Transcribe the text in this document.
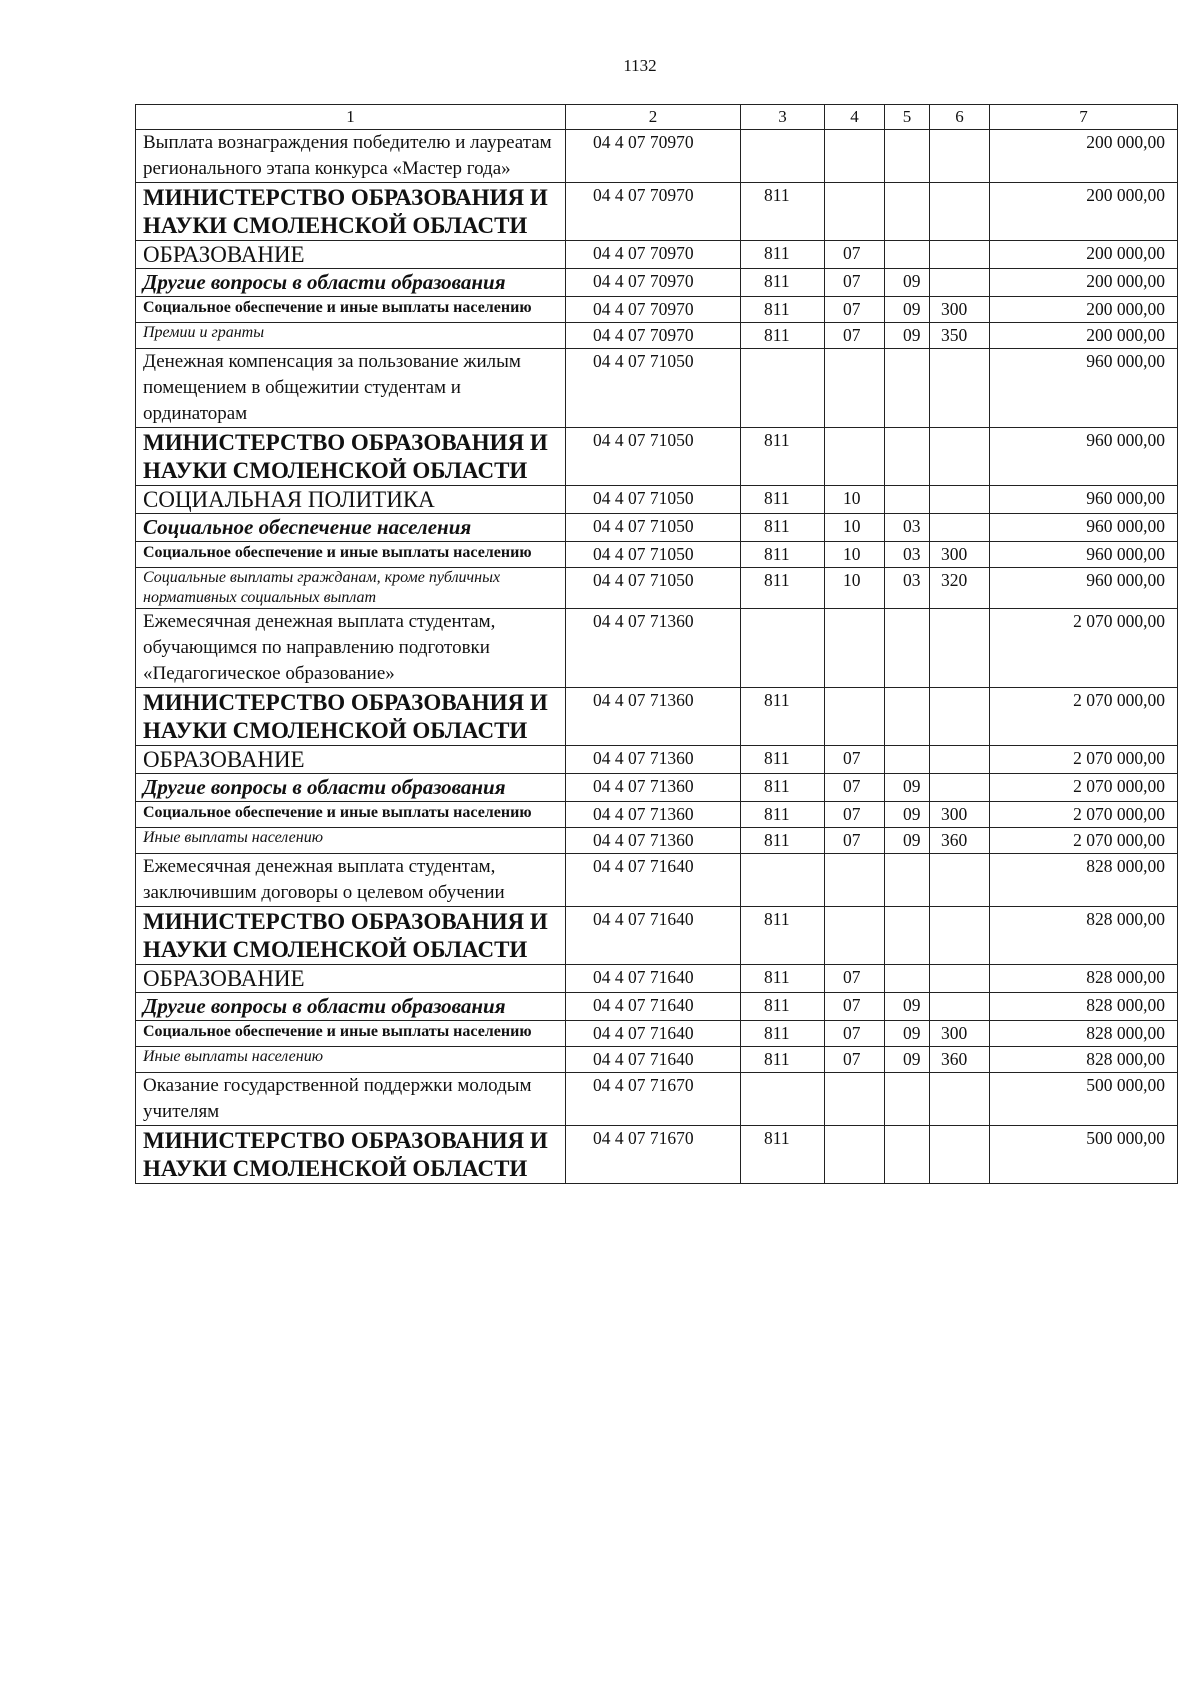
1132
1	2	3	4	5	6	7
Выплата вознаграждения победителю и лауреатам регионального этапа конкурса «Мастер года»	04 4 07 70970					200 000,00
МИНИСТЕРСТВО ОБРАЗОВАНИЯ И НАУКИ СМОЛЕНСКОЙ ОБЛАСТИ	04 4 07 70970	811				200 000,00
ОБРАЗОВАНИЕ	04 4 07 70970	811	07			200 000,00
Другие вопросы в области образования	04 4 07 70970	811	07	09		200 000,00
Социальное обеспечение и иные выплаты населению	04 4 07 70970	811	07	09	300	200 000,00
Премии и гранты	04 4 07 70970	811	07	09	350	200 000,00
Денежная компенсация за пользование жилым помещением в общежитии студентам и ординаторам	04 4 07 71050					960 000,00
МИНИСТЕРСТВО ОБРАЗОВАНИЯ И НАУКИ СМОЛЕНСКОЙ ОБЛАСТИ	04 4 07 71050	811				960 000,00
СОЦИАЛЬНАЯ ПОЛИТИКА	04 4 07 71050	811	10			960 000,00
Социальное обеспечение населения	04 4 07 71050	811	10	03		960 000,00
Социальное обеспечение и иные выплаты населению	04 4 07 71050	811	10	03	300	960 000,00
Социальные выплаты гражданам, кроме публичных нормативных социальных выплат	04 4 07 71050	811	10	03	320	960 000,00
Ежемесячная денежная выплата студентам, обучающимся по направлению подготовки «Педагогическое образование»	04 4 07 71360					2 070 000,00
МИНИСТЕРСТВО ОБРАЗОВАНИЯ И НАУКИ СМОЛЕНСКОЙ ОБЛАСТИ	04 4 07 71360	811				2 070 000,00
ОБРАЗОВАНИЕ	04 4 07 71360	811	07			2 070 000,00
Другие вопросы в области образования	04 4 07 71360	811	07	09		2 070 000,00
Социальное обеспечение и иные выплаты населению	04 4 07 71360	811	07	09	300	2 070 000,00
Иные выплаты населению	04 4 07 71360	811	07	09	360	2 070 000,00
Ежемесячная денежная выплата студентам, заключившим договоры о целевом обучении	04 4 07 71640					828 000,00
МИНИСТЕРСТВО ОБРАЗОВАНИЯ И НАУКИ СМОЛЕНСКОЙ ОБЛАСТИ	04 4 07 71640	811				828 000,00
ОБРАЗОВАНИЕ	04 4 07 71640	811	07			828 000,00
Другие вопросы в области образования	04 4 07 71640	811	07	09		828 000,00
Социальное обеспечение и иные выплаты населению	04 4 07 71640	811	07	09	300	828 000,00
Иные выплаты населению	04 4 07 71640	811	07	09	360	828 000,00
Оказание государственной поддержки молодым учителям	04 4 07 71670					500 000,00
МИНИСТЕРСТВО ОБРАЗОВАНИЯ И НАУКИ СМОЛЕНСКОЙ ОБЛАСТИ	04 4 07 71670	811				500 000,00
